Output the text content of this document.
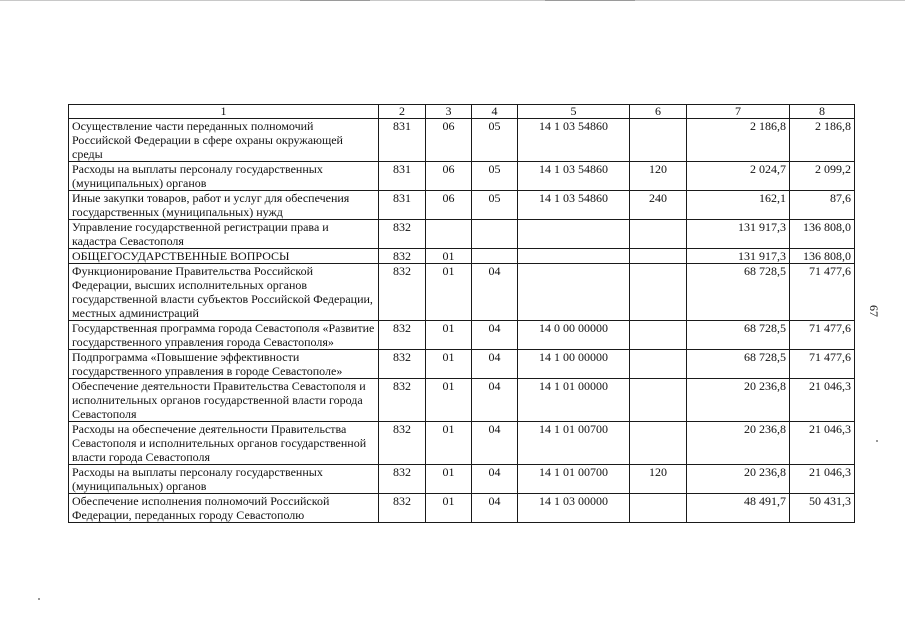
1	2	3	4	5	6	7	8
Осуществление части переданных полномочий Российской Федерации в сфере охраны окружающей среды	831	06	05	14 1 03 54860		2 186,8	2 186,8
Расходы на выплаты персоналу государственных (муниципальных) органов	831	06	05	14 1 03 54860	120	2 024,7	2 099,2
Иные закупки товаров, работ и услуг для обеспечения государственных (муниципальных) нужд	831	06	05	14 1 03 54860	240	162,1	87,6
Управление государственной регистрации права и кадастра Севастополя	832					131 917,3	136 808,0
ОБЩЕГОСУДАРСТВЕННЫЕ ВОПРОСЫ	832	01				131 917,3	136 808,0
Функционирование Правительства Российской Федерации, высших исполнительных органов государственной власти субъектов Российской Федерации, местных администраций	832	01	04			68 728,5	71 477,6
Государственная программа города Севастополя «Развитие государственного управления города Севастополя»	832	01	04	14 0 00 00000		68 728,5	71 477,6
Подпрограмма «Повышение эффективности государственного управления в городе Севастополе»	832	01	04	14 1 00 00000		68 728,5	71 477,6
Обеспечение деятельности Правительства Севастополя и исполнительных органов государственной власти города Севастополя	832	01	04	14 1 01 00000		20 236,8	21 046,3
Расходы на обеспечение деятельности Правительства Севастополя и исполнительных органов государственной власти города Севастополя	832	01	04	14 1 01 00700		20 236,8	21 046,3
Расходы на выплаты персоналу государственных (муниципальных) органов	832	01	04	14 1 01 00700	120	20 236,8	21 046,3
Обеспечение исполнения полномочий Российской Федерации, переданных городу Севастополю	832	01	04	14 1 03 00000		48 491,7	50 431,3
67
